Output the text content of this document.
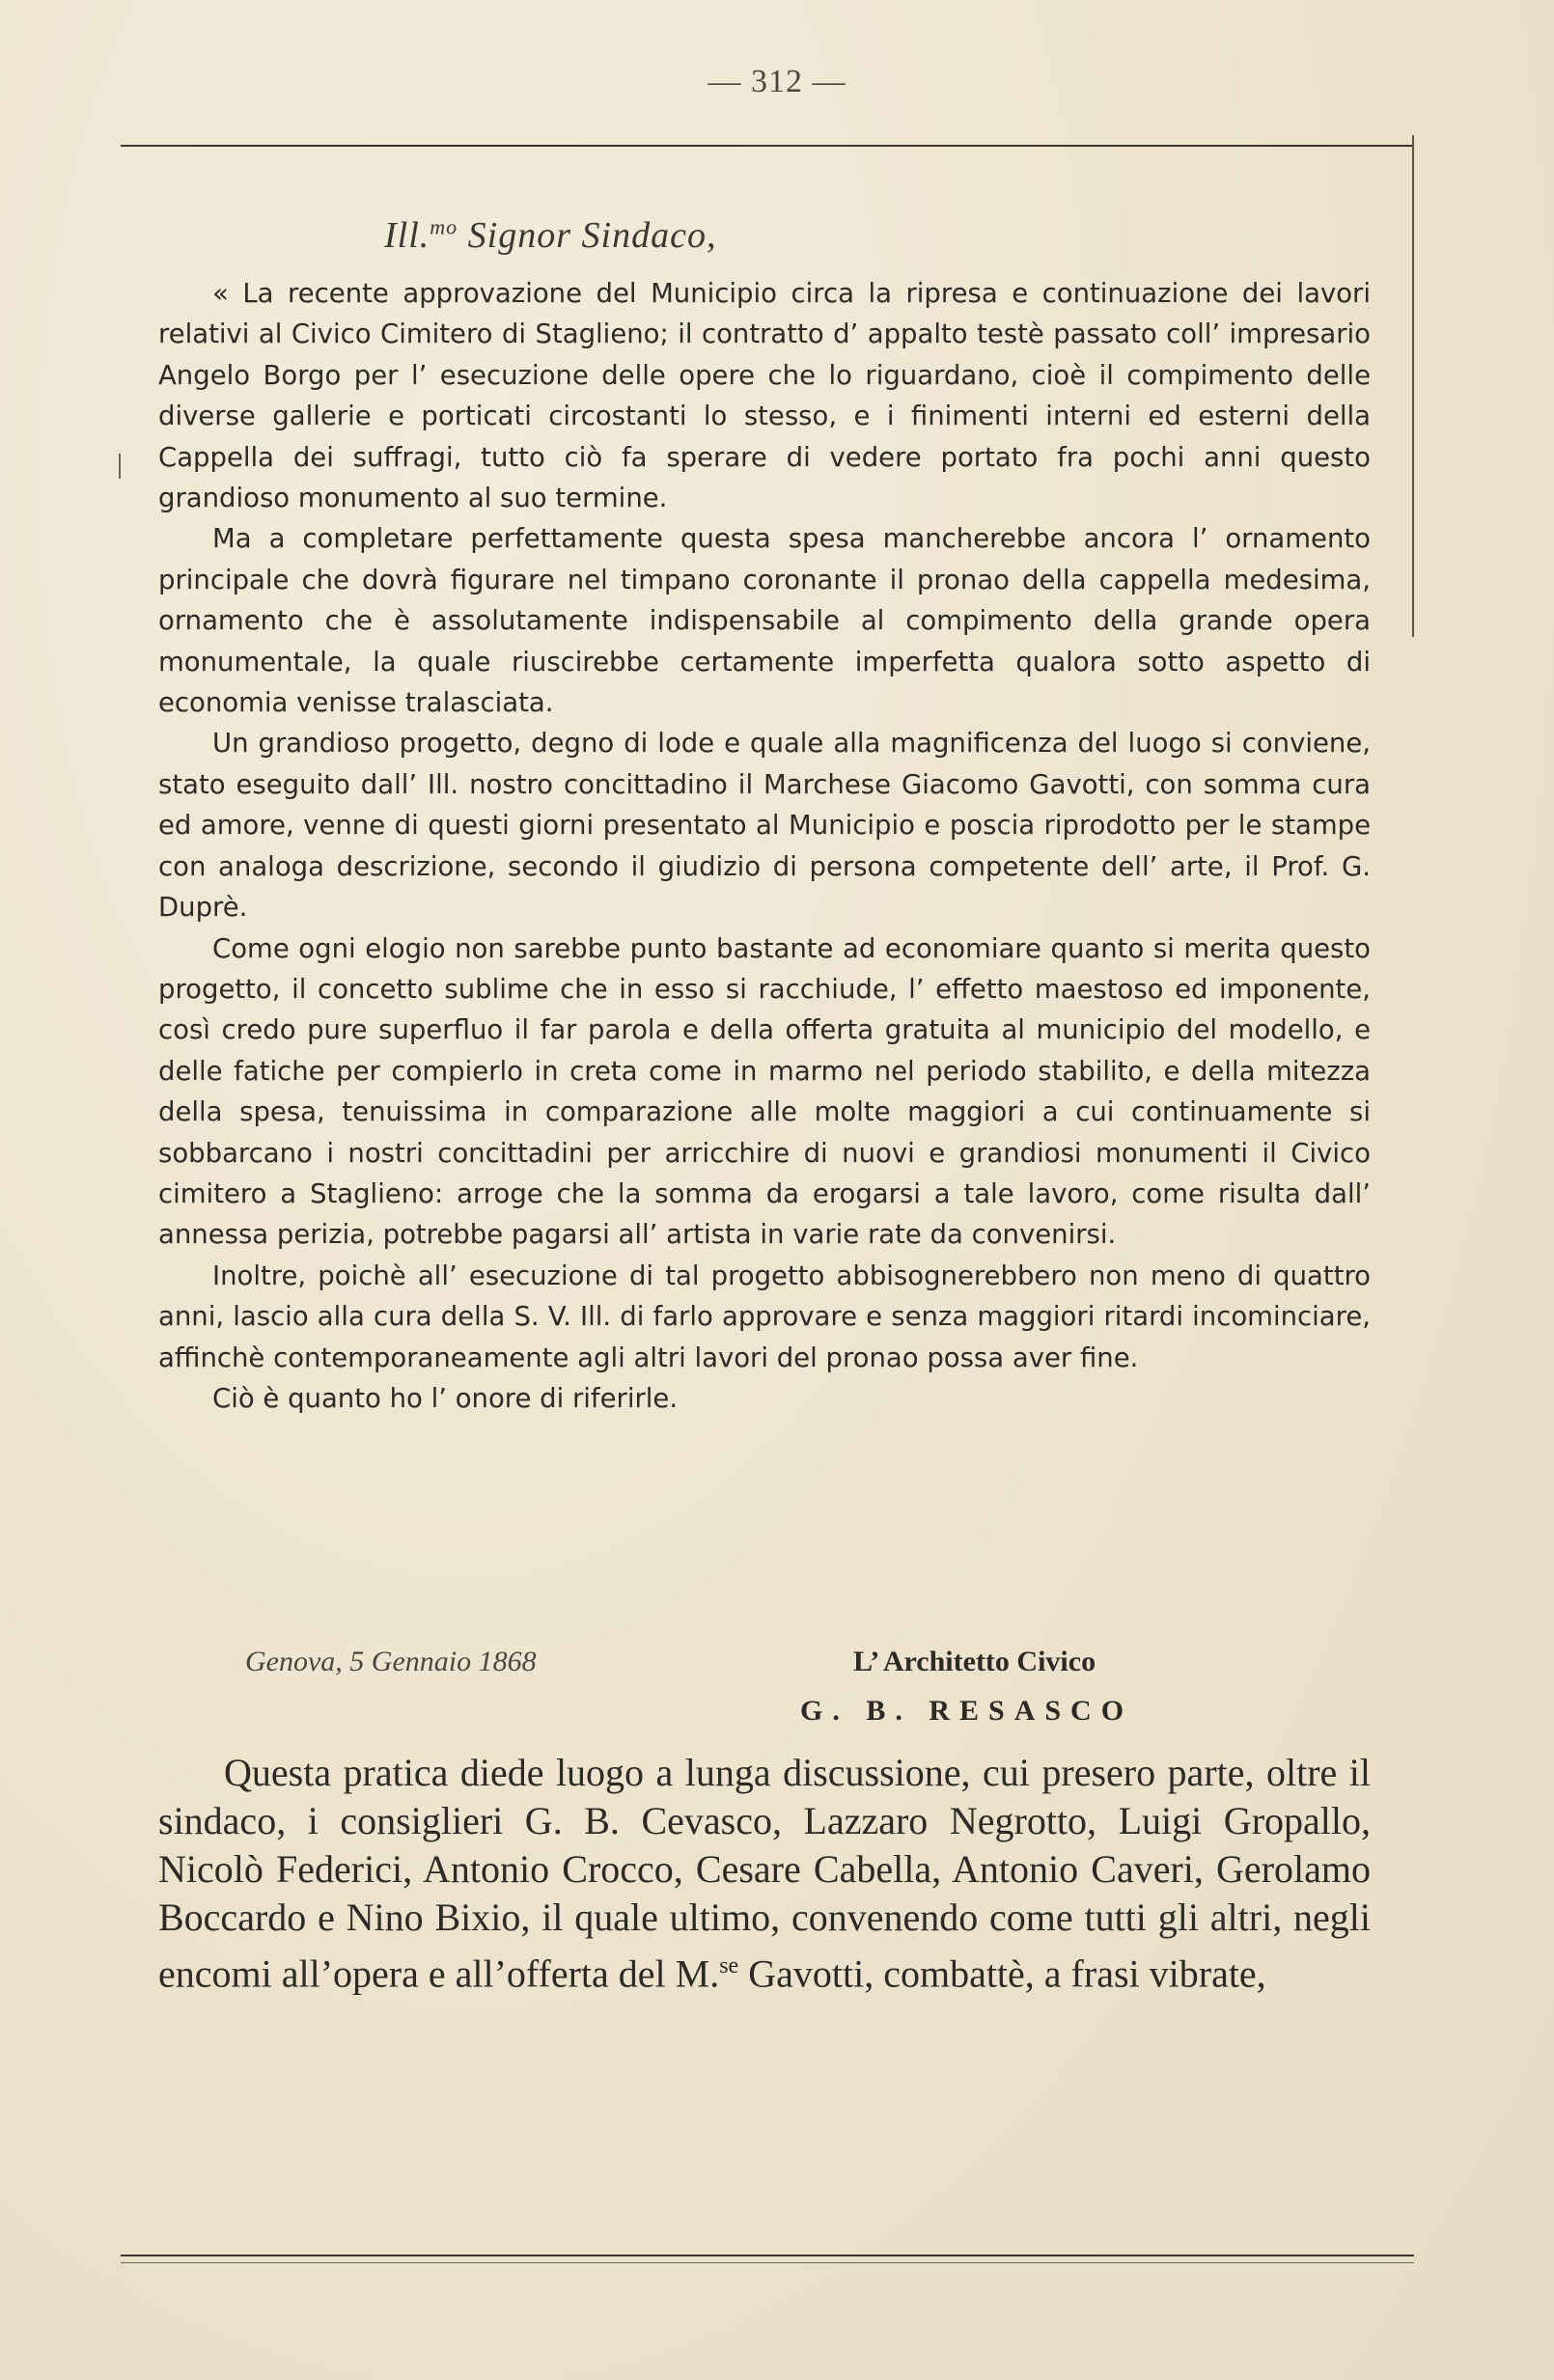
— 312 —
Ill.$^{mo}$ Signor Sindaco,

« La recente approvazione del Municipio circa la ripresa e continuazione dei lavori relativi al Civico Cimitero di Staglieno; il contratto d’ appalto testè passato coll’ impresario Angelo Borgo per l’ esecuzione delle opere che lo riguardano, cioè il compimento delle diverse gallerie e porticati circostanti lo stesso, e i finimenti interni ed esterni della Cappella dei suffragi, tutto ciò fa sperare di vedere portato fra pochi anni questo grandioso monumento al suo termine.

Ma a completare perfettamente questa spesa mancherebbe ancora l’ ornamento principale che dovrà figurare nel timpano coronante il pronao della cappella medesima, ornamento che è assolutamente indispensabile al compimento della grande opera monumentale, la quale riuscirebbe certamente imperfetta qualora sotto aspetto di economia venisse tralasciata.

Un grandioso progetto, degno di lode e quale alla magnificenza del luogo si conviene, stato eseguito dall’ Ill. nostro concittadino il Marchese Giacomo Gavotti, con somma cura ed amore, venne di questi giorni presentato al Municipio e poscia riprodotto per le stampe con analoga descrizione, secondo il giudizio di persona competente dell’ arte, il Prof. G. Duprè.

Come ogni elogio non sarebbe punto bastante ad economiare quanto si merita questo progetto, il concetto sublime che in esso si racchiude, l’ effetto maestoso ed imponente, così credo pure superfluo il far parola e della offerta gratuita al municipio del modello, e delle fatiche per compierlo in creta come in marmo nel periodo stabilito, e della mitezza della spesa, tenuissima in comparazione alle molte maggiori a cui continuamente si sobbarcano i nostri concittadini per arricchire di nuovi e grandiosi monumenti il Civico cimitero a Staglieno: arroge che la somma da erogarsi a tale lavoro, come risulta dall’ annessa perizia, potrebbe pagarsi all’ artista in varie rate da convenirsi.

Inoltre, poichè all’ esecuzione di tal progetto abbisognerebbero non meno di quattro anni, lascio alla cura della S. V. Ill. di farlo approvare e senza maggiori ritardi incominciare, affinchè contemporaneamente agli altri lavori del pronao possa aver fine.

Ciò è quanto ho l’ onore di riferirle.

Genova, 5 Gennaio 1868	L’ Architetto Civico
G. B. RESASCO
Questa pratica diede luogo a lunga discussione, cui presero parte, oltre il sindaco, i consiglieri G. B. Cevasco, Lazzaro Negrotto, Luigi Gropallo, Nicolò Federici, Antonio Crocco, Cesare Cabella, Antonio Caveri, Gerolamo Boccardo e Nino Bixio, il quale ultimo, convenendo come tutti gli altri, negli encomi all’opera e all’offerta del M.$^{se}$ Gavotti, combattè, a frasi vibrate,
